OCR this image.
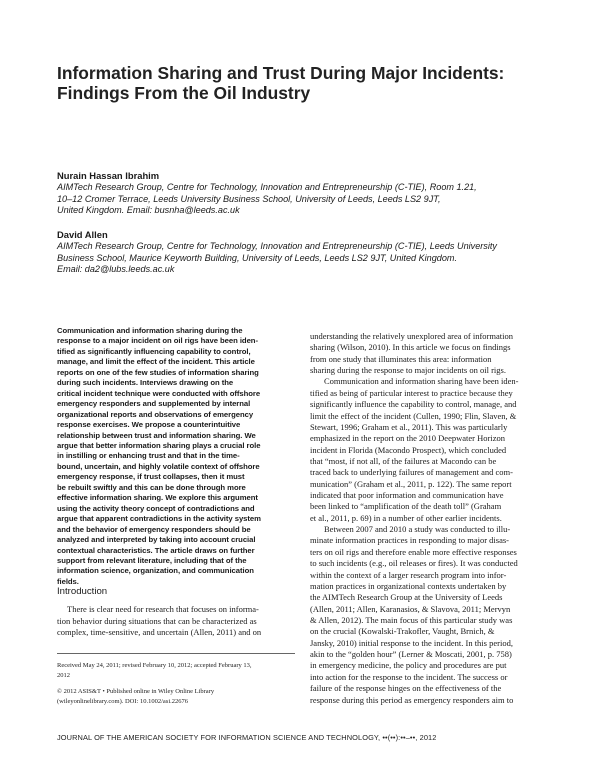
Information Sharing and Trust During Major Incidents:
Findings From the Oil Industry
Nurain Hassan Ibrahim
AIMTech Research Group, Centre for Technology, Innovation and Entrepreneurship (C-TIE), Room 1.21,
10–12 Cromer Terrace, Leeds University Business School, University of Leeds, Leeds LS2 9JT,
United Kingdom. Email: busnha@leeds.ac.uk
David Allen
AIMTech Research Group, Centre for Technology, Innovation and Entrepreneurship (C-TIE), Leeds University
Business School, Maurice Keyworth Building, University of Leeds, Leeds LS2 9JT, United Kingdom.
Email: da2@lubs.leeds.ac.uk
Communication and information sharing during the
response to a major incident on oil rigs have been iden-
tified as significantly influencing capability to control,
manage, and limit the effect of the incident. This article
reports on one of the few studies of information sharing
during such incidents. Interviews drawing on the
critical incident technique were conducted with offshore
emergency responders and supplemented by internal
organizational reports and observations of emergency
response exercises. We propose a counterintuitive
relationship between trust and information sharing. We
argue that better information sharing plays a crucial role
in instilling or enhancing trust and that in the time-
bound, uncertain, and highly volatile context of offshore
emergency response, if trust collapses, then it must
be rebuilt swiftly and this can be done through more
effective information sharing. We explore this argument
using the activity theory concept of contradictions and
argue that apparent contradictions in the activity system
and the behavior of emergency responders should be
analyzed and interpreted by taking into account crucial
contextual characteristics. The article draws on further
support from relevant literature, including that of the
information science, organization, and communication
fields.
Introduction
There is clear need for research that focuses on informa-
tion behavior during situations that can be characterized as
complex, time-sensitive, and uncertain (Allen, 2011) and on
Received May 24, 2011; revised February 10, 2012; accepted February 13,
2012
© 2012 ASIS&T • Published online in Wiley Online Library
(wileyonlinelibrary.com). DOI: 10.1002/asi.22676
understanding the relatively unexplored area of information
sharing (Wilson, 2010). In this article we focus on findings
from one study that illuminates this area: information
sharing during the response to major incidents on oil rigs.
Communication and information sharing have been iden-
tified as being of particular interest to practice because they
significantly influence the capability to control, manage, and
limit the effect of the incident (Cullen, 1990; Flin, Slaven, &
Stewart, 1996; Graham et al., 2011). This was particularly
emphasized in the report on the 2010 Deepwater Horizon
incident in Florida (Macondo Prospect), which concluded
that “most, if not all, of the failures at Macondo can be
traced back to underlying failures of management and com-
munication” (Graham et al., 2011, p. 122). The same report
indicated that poor information and communication have
been linked to “amplification of the death toll” (Graham
et al., 2011, p. 69) in a number of other earlier incidents.
Between 2007 and 2010 a study was conducted to illu-
minate information practices in responding to major disas-
ters on oil rigs and therefore enable more effective responses
to such incidents (e.g., oil releases or fires). It was conducted
within the context of a larger research program into infor-
mation practices in organizational contexts undertaken by
the AIMTech Research Group at the University of Leeds
(Allen, 2011; Allen, Karanasios, & Slavova, 2011; Mervyn
& Allen, 2012). The main focus of this particular study was
on the crucial (Kowalski-Trakofler, Vaught, Brnich, &
Jansky, 2010) initial response to the incident. In this period,
akin to the “golden hour” (Lerner & Moscati, 2001, p. 758)
in emergency medicine, the policy and procedures are put
into action for the response to the incident. The success or
failure of the response hinges on the effectiveness of the
response during this period as emergency responders aim to
JOURNAL OF THE AMERICAN SOCIETY FOR INFORMATION SCIENCE AND TECHNOLOGY, ••(••):••–••, 2012
